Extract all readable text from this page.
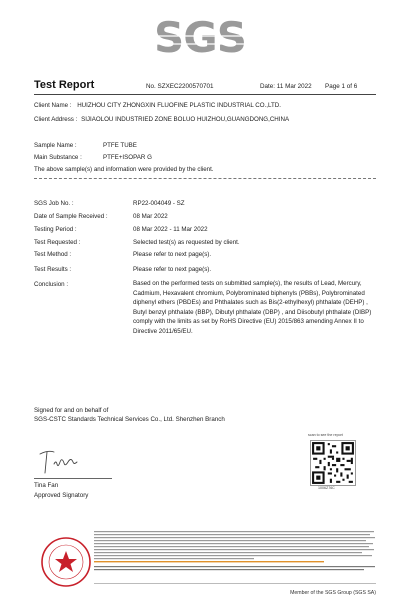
SGS
Test Report	No. SZXEC2200570701	Date: 11 Mar 2022 Page 1 of 6
Client Name : HUIZHOU CITY ZHONGXIN FLUOFINE PLASTIC INDUSTRIAL CO.,LTD.
Client Address : SIJIAOLOU INDUSTRIED ZONE BOLUO HUIZHOU,GUANGDONG,CHINA
Sample Name :	PTFE TUBE
Main Substance :	PTFE+ISOPAR G
The above sample(s) and information were provided by the client.
SGS Job No. :	RP22-004049 - SZ
Date of Sample Received :	08 Mar 2022
Testing Period :	08 Mar 2022 - 11 Mar 2022
Test Requested :	Selected test(s) as requested by client.
Test Method :	Please refer to next page(s).
Test Results :	Please refer to next page(s).
Conclusion :	Based on the performed tests on submitted sample(s), the results of Lead, Mercury, Cadmium, Hexavalent chromium, Polybrominated biphenyls (PBBs), Polybrominated diphenyl ethers (PBDEs) and Phthalates such as Bis(2-ethylhexyl) phthalate (DEHP) , Butyl benzyl phthalate (BBP), Dibutyl phthalate (DBP) , and Diisobutyl phthalate (DIBP) comply with the limits as set by RoHS Directive (EU) 2015/863 amending Annex II to Directive 2011/65/EU.
Signed for and on behalf of
SGS-CSTC Standards Technical Services Co., Ltd. Shenzhen Branch
Tina Fan
Approved Signatory
scan to see the report
1006Z76C
Member of the SGS Group (SGS SA)
